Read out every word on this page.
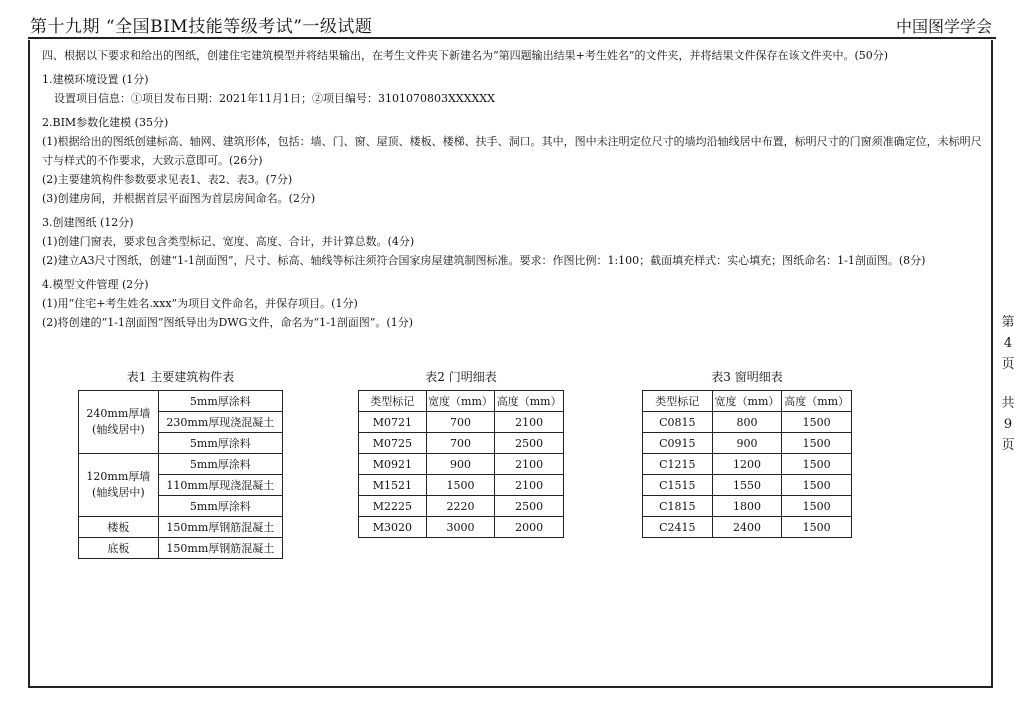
第十九期 “全国BIM技能等级考试”一级试题	中国图学学会
第
4
页
共
9
页
四、根据以下要求和给出的图纸，创建住宅建筑模型并将结果输出，在考生文件夹下新建名为“第四题输出结果+考生姓名”的文件夹，并将结果文件保存在该文件夹中。(50分)
1.建模环境设置 (1分)
设置项目信息：①项目发布日期：2021年11月1日；②项目编号：3101070803XXXXXX
2.BIM参数化建模 (35分)
(1)根据给出的图纸创建标高、轴网、建筑形体，包括：墙、门、窗、屋顶、楼板、楼梯、扶手、洞口。其中，图中未注明定位尺寸的墙均沿轴线居中布置，标明尺寸的门窗须准确定位，未标明尺寸与样式的不作要求，大致示意即可。(26分)
(2)主要建筑构件参数要求见表1、表2、表3。(7分)
(3)创建房间，并根据首层平面图为首层房间命名。(2分)
3.创建图纸 (12分)
(1)创建门窗表，要求包含类型标记、宽度、高度、合计，并计算总数。(4分)
(2)建立A3尺寸图纸，创建“1-1剖面图”，尺寸、标高、轴线等标注须符合国家房屋建筑制图标准。要求：作图比例：1:100；截面填充样式：实心填充；图纸命名：1-1剖面图。(8分)
4.模型文件管理 (2分)
(1)用“住宅+考生姓名.xxx”为项目文件命名，并保存项目。(1分)
(2)将创建的“1-1剖面图”图纸导出为DWG文件，命名为“1-1剖面图”。(1分)
表1 主要建筑构件表
240mm厚墙(轴线居中)	5mm厚涂料
	230mm厚现浇混凝土
	5mm厚涂料
120mm厚墙(轴线居中)	5mm厚涂料
	110mm厚现浇混凝土
	5mm厚涂料
楼板	150mm厚钢筋混凝土
底板	150mm厚钢筋混凝土
表2 门明细表
类型标记	宽度（mm）	高度（mm）
M0721	700	2100
M0725	700	2500
M0921	900	2100
M1521	1500	2100
M2225	2220	2500
M3020	3000	2000
表3 窗明细表
类型标记	宽度（mm）	高度（mm）
C0815	800	1500
C0915	900	1500
C1215	1200	1500
C1515	1550	1500
C1815	1800	1500
C2415	2400	1500
